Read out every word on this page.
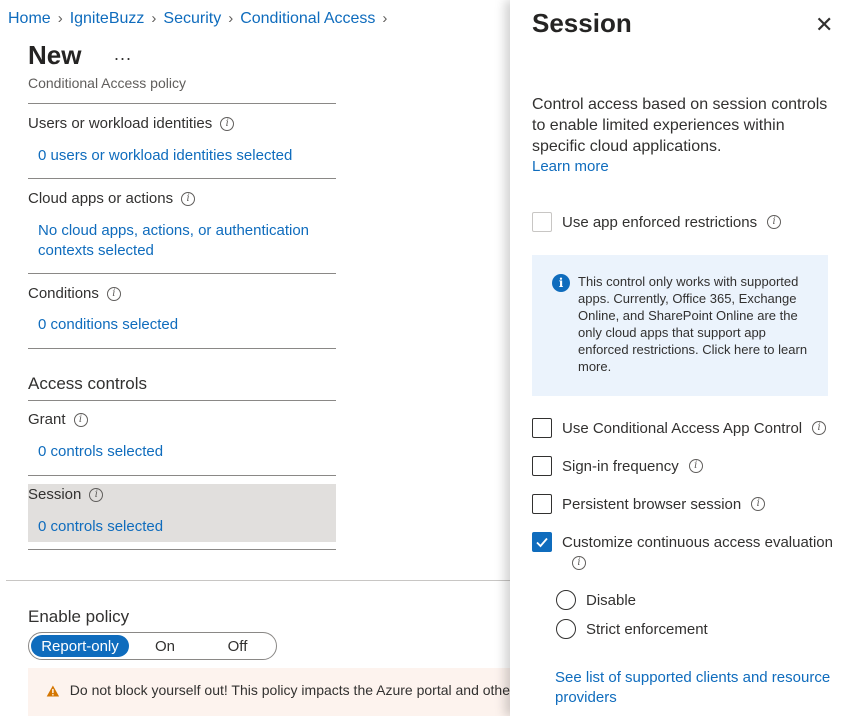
Home › IgniteBuzz › Security › Conditional Access ›
New ...
Conditional Access policy
Users or workload identities	i
0 users or workload identities selected
Cloud apps or actions	i
No cloud apps, actions, or authentication contexts selected
Conditions	i
0 conditions selected
Access controls
Grant	i
0 controls selected
Session	i
0 controls selected
Enable policy
Report-only	On	Off
Do not block yourself out! This policy impacts the Azure portal and othe
Session	✕
Control access based on session controls to enable limited experiences within specific cloud applications.
Learn more
Use app enforced restrictions	i
i	This control only works with supported apps. Currently, Office 365, Exchange Online, and SharePoint Online are the only cloud apps that support app enforced restrictions. Click here to learn more.
Use Conditional Access App Control	i
Sign-in frequency	i
Persistent browser session	i
Customize continuous access evaluation
i
Disable
Strict enforcement
See list of supported clients and resource providers
